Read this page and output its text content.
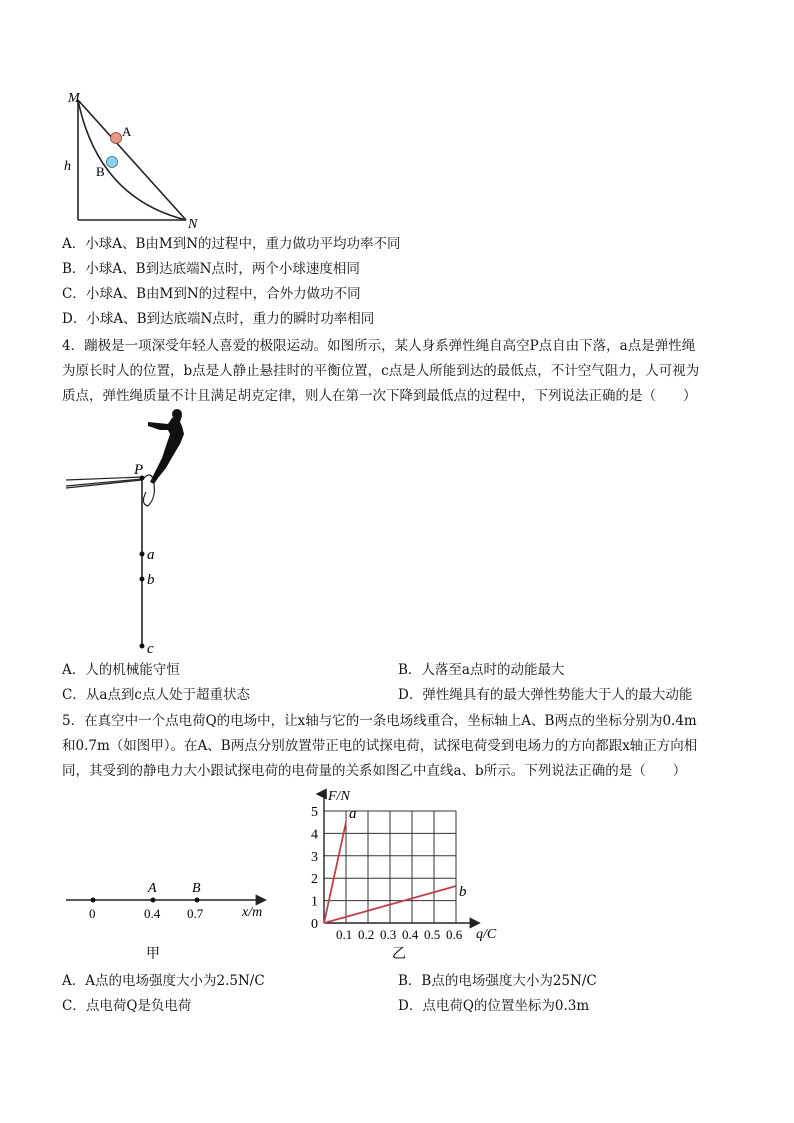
M
N
h
A
B
A．小球A、B由M到N的过程中，重力做功平均功率不同
B．小球A、B到达底端N点时，两个小球速度相同
C．小球A、B由M到N的过程中，合外力做功不同
D．小球A、B到达底端N点时，重力的瞬时功率相同
4．蹦极是一项深受年轻人喜爱的极限运动。如图所示，某人身系弹性绳自高空P点自由下落，a点是弹性绳
为原长时人的位置，b点是人静止悬挂时的平衡位置，c点是人所能到达的最低点，不计空气阻力，人可视为
质点，弹性绳质量不计且满足胡克定律，则人在第一次下降到最低点的过程中，下列说法正确的是（　　）
P
a
b
c
A．人的机械能守恒	B．人落至a点时的动能最大
C．从a点到c点人处于超重状态	D．弹性绳具有的最大弹性势能大于人的最大动能
5．在真空中一个点电荷Q的电场中，让x轴与它的一条电场线重合，坐标轴上A、B两点的坐标分别为0.4m
和0.7m（如图甲）。在A、B两点分别放置带正电的试探电荷，试探电荷受到电场力的方向都跟x轴正方向相
同，其受到的静电力大小跟试探电荷的电荷量的关系如图乙中直线a、b所示。下列说法正确的是（　　）
A	B
0	0.4 0.7	x/m
甲
0
1
2
3
4
5
0.1 0.2 0.3 0.4 0.5 0.6
a
b
F/N
q/C
乙
A．A点的电场强度大小为2.5N/C	B．B点的电场强度大小为25N/C
C．点电荷Q是负电荷	D．点电荷Q的位置坐标为0.3m
